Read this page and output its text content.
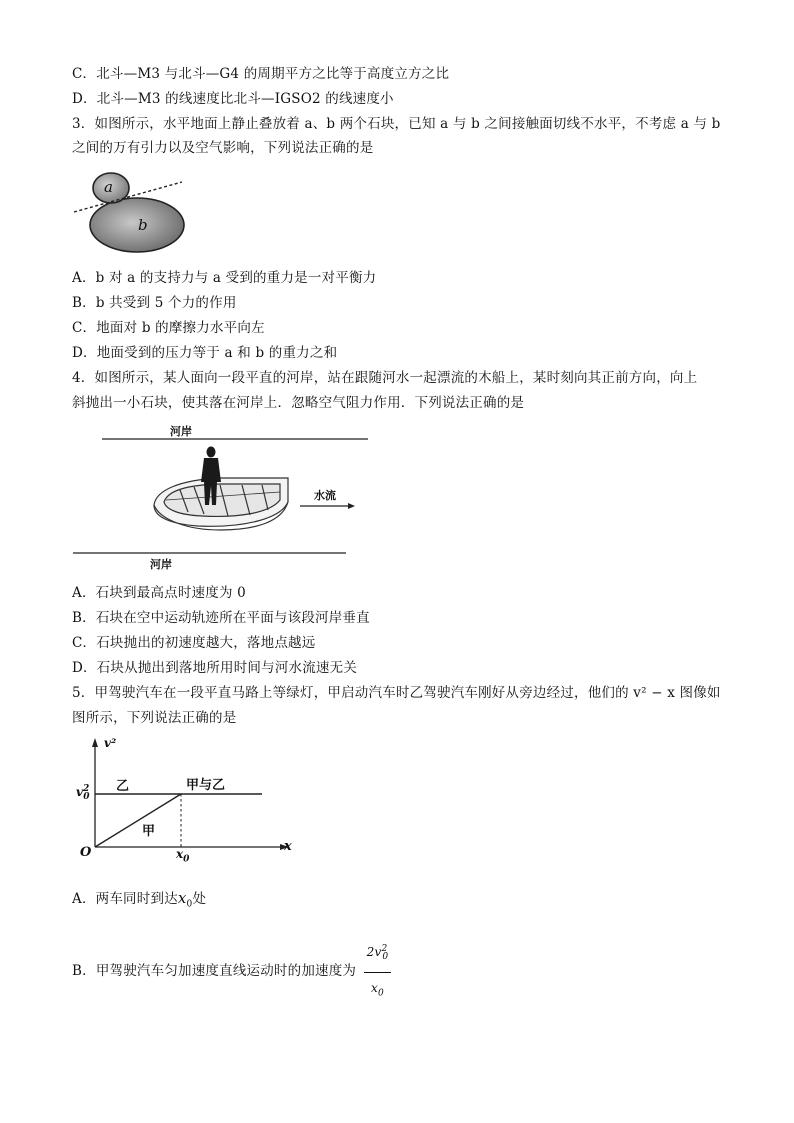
C．北斗—M3 与北斗—G4 的周期平方之比等于高度立方之比
D．北斗—M3 的线速度比北斗—IGSO2 的线速度小
3．如图所示，水平地面上静止叠放着 a、b 两个石块，已知 a 与 b 之间接触面切线不水平，不考虑 a 与 b
之间的万有引力以及空气影响，下列说法正确的是
a
b
A．b 对 a 的支持力与 a 受到的重力是一对平衡力
B．b 共受到 5 个力的作用
C．地面对 b 的摩擦力水平向左
D．地面受到的压力等于 a 和 b 的重力之和
4．如图所示，某人面向一段平直的河岸，站在跟随河水一起漂流的木船上，某时刻向其正前方向，向上
斜抛出一小石块，使其落在河岸上．忽略空气阻力作用．下列说法正确的是
河岸
河岸
水流
A．石块到最高点时速度为 0
B．石块在空中运动轨迹所在平面与该段河岸垂直
C．石块抛出的初速度越大，落地点越远
D．石块从抛出到落地所用时间与河水流速无关
5．甲驾驶汽车在一段平直马路上等绿灯，甲启动汽车时乙驾驶汽车刚好从旁边经过，他们的 v² − x 图像如
图所示，下列说法正确的是
v²
x
O
$v^2_0$
$x_0$
乙	甲与乙
甲
A．两车同时到达$x_0$处
B．甲驾驶汽车匀加速度直线运动时的加速度为 $\frac{2v^2_0}{x_0}$
